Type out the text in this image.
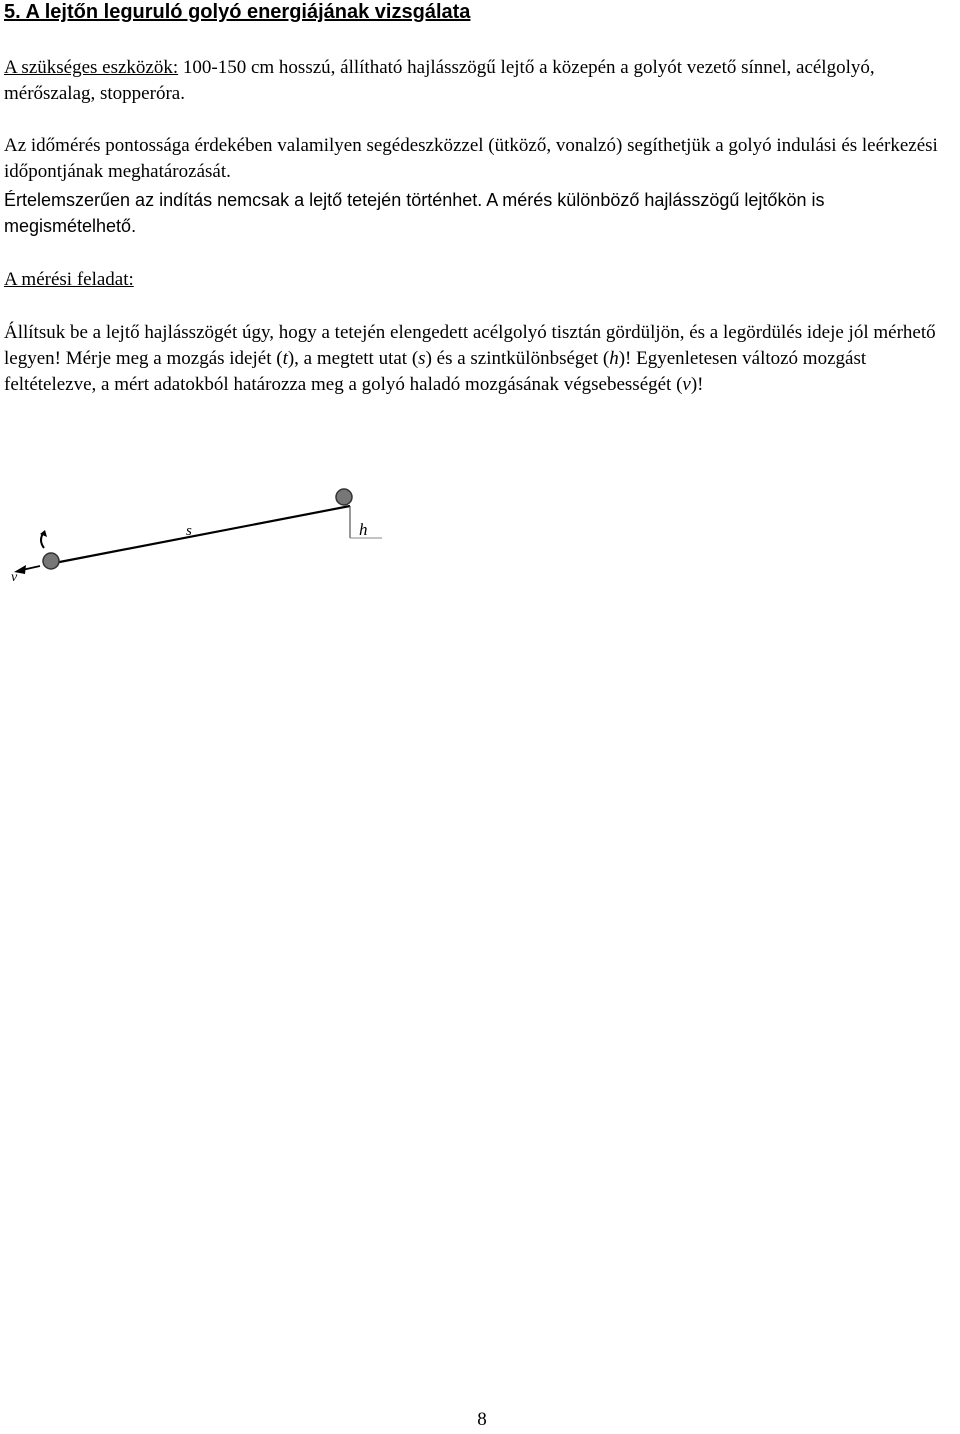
5. A lejtőn leguruló golyó energiájának vizsgálata
A szükséges eszközök: 100-150 cm hosszú, állítható hajlásszögű lejtő a közepén a golyót vezető sínnel, acélgolyó, mérőszalag, stopperóra.
Az időmérés pontossága érdekében valamilyen segédeszközzel (ütköző, vonalzó) segíthetjük a golyó indulási és leérkezési időpontjának meghatározását.
Értelemszerűen az indítás nemcsak a lejtő tetején történhet. A mérés különböző hajlásszögű lejtőkön is megismételhető.
A mérési feladat:
Állítsuk be a lejtő hajlásszögét úgy, hogy a tetején elengedett acélgolyó tisztán gördüljön, és a legördülés ideje jól mérhető legyen! Mérje meg a mozgás idejét (t), a megtett utat (s) és a szintkülönbséget (h)! Egyenletesen változó mozgást feltételezve, a mért adatokból határozza meg a golyó haladó mozgásának végsebességét (v)!
s	h
v
8
